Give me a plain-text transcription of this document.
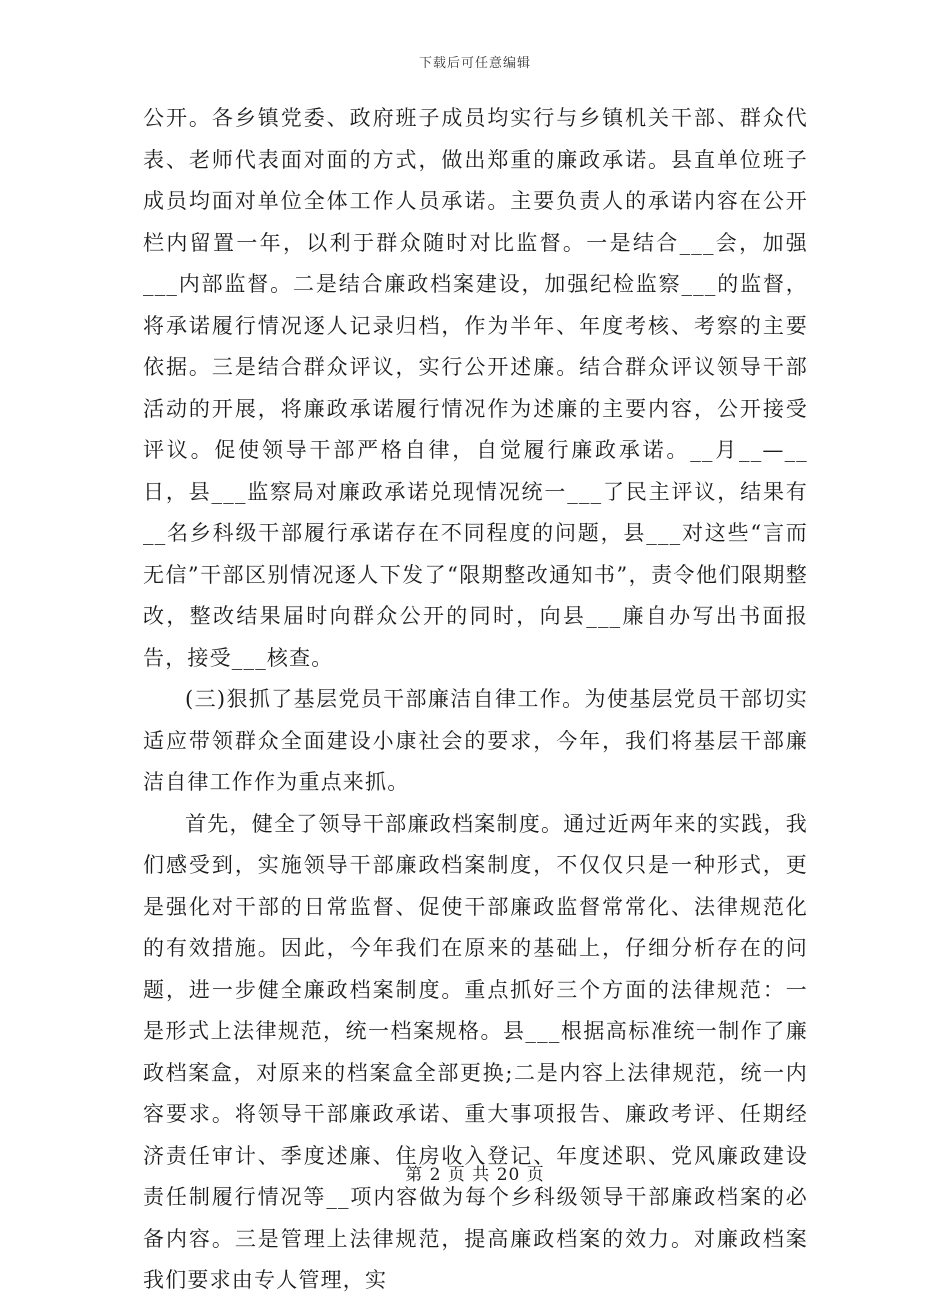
下载后可任意编辑

公开。各乡镇党委、政府班子成员均实行与乡镇机关干部、群众代表、老师代表面对面的方式，做出郑重的廉政承诺。县直单位班子成员均面对单位全体工作人员承诺。主要负责人的承诺内容在公开栏内留置一年，以利于群众随时对比监督。一是结合___会，加强___内部监督。二是结合廉政档案建设，加强纪检监察___的监督，将承诺履行情况逐人记录归档，作为半年、年度考核、考察的主要依据。三是结合群众评议，实行公开述廉。结合群众评议领导干部活动的开展，将廉政承诺履行情况作为述廉的主要内容，公开接受评议。促使领导干部严格自律，自觉履行廉政承诺。__月__—__日，县___监察局对廉政承诺兑现情况统一___了民主评议，结果有__名乡科级干部履行承诺存在不同程度的问题，县___对这些“言而无信”干部区别情况逐人下发了“限期整改通知书”，责令他们限期整改，整改结果届时向群众公开的同时，向县___廉自办写出书面报告，接受___核查。

(三)狠抓了基层党员干部廉洁自律工作。为使基层党员干部切实适应带领群众全面建设小康社会的要求，今年，我们将基层干部廉洁自律工作作为重点来抓。

首先，健全了领导干部廉政档案制度。通过近两年来的实践，我们感受到，实施领导干部廉政档案制度，不仅仅只是一种形式，更是强化对干部的日常监督、促使干部廉政监督常常化、法律规范化的有效措施。因此，今年我们在原来的基础上，仔细分析存在的问题，进一步健全廉政档案制度。重点抓好三个方面的法律规范：一是形式上法律规范，统一档案规格。县___根据高标准统一制作了廉政档案盒，对原来的档案盒全部更换;二是内容上法律规范，统一内容要求。将领导干部廉政承诺、重大事项报告、廉政考评、任期经济责任审计、季度述廉、住房收入登记、年度述职、党风廉政建设责任制履行情况等__项内容做为每个乡科级领导干部廉政档案的必备内容。三是管理上法律规范，提高廉政档案的效力。对廉政档案我们要求由专人管理，实

第 2 页 共 20 页
